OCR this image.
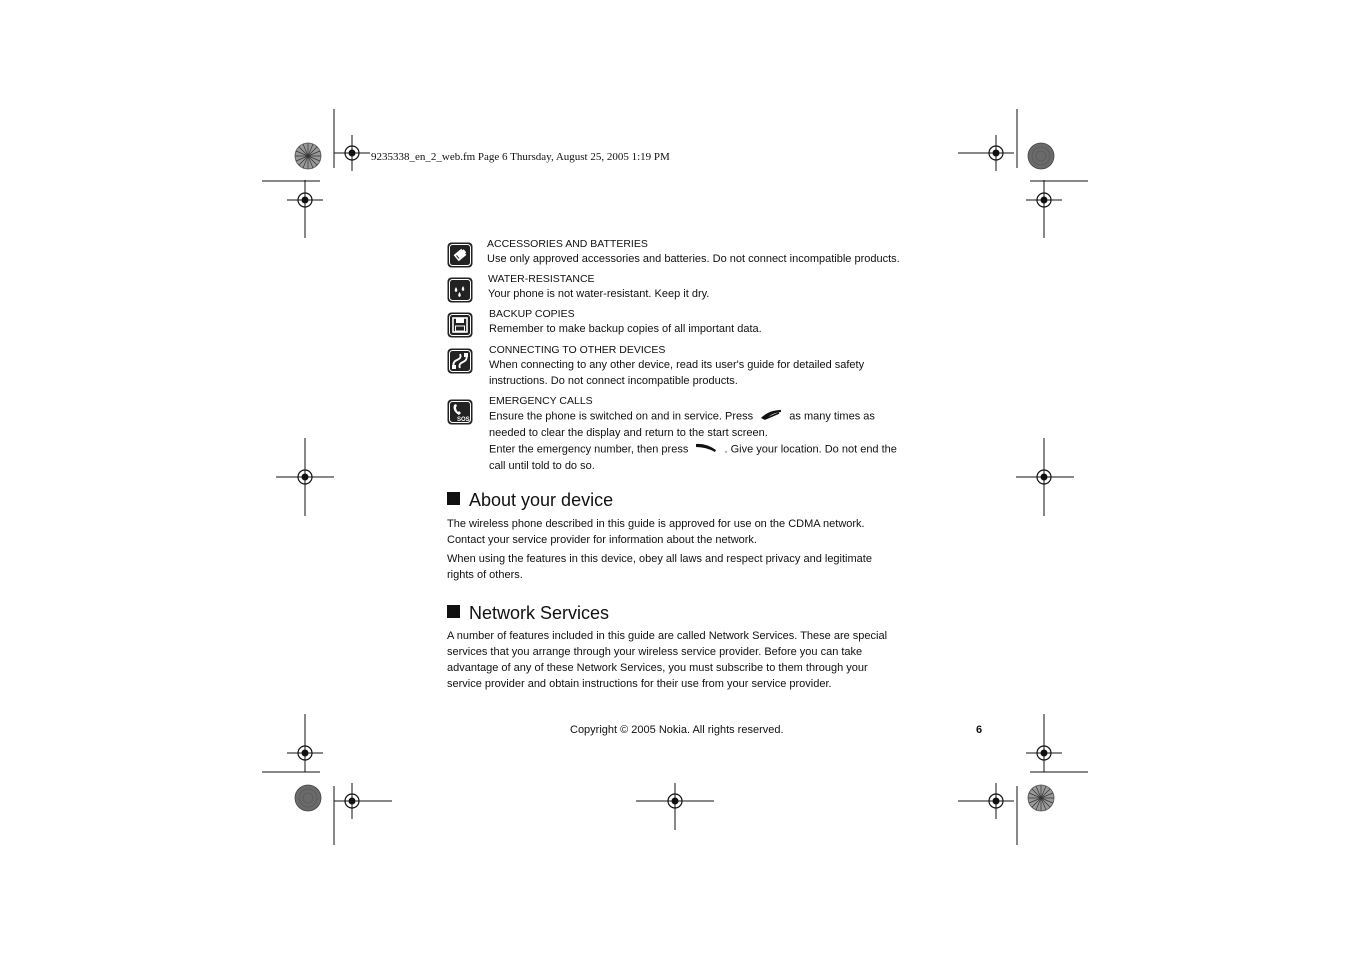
9235338_en_2_web.fm Page 6 Thursday, August 25, 2005 1:19 PM
ACCESSORIES AND BATTERIES
Use only approved accessories and batteries. Do not connect incompatible products.
WATER-RESISTANCE
Your phone is not water-resistant. Keep it dry.
BACKUP COPIES
Remember to make backup copies of all important data.
CONNECTING TO OTHER DEVICES
When connecting to any other device, read its user's guide for detailed safety
instructions. Do not connect incompatible products.
SOS
EMERGENCY CALLS
Ensure the phone is switched on and in service. Press	as many times as
needed to clear the display and return to the start screen.
Enter the emergency number, then press	. Give your location. Do not end the
call until told to do so.
About your device
The wireless phone described in this guide is approved for use on the CDMA network.
Contact your service provider for information about the network.
When using the features in this device, obey all laws and respect privacy and legitimate
rights of others.
Network Services
A number of features included in this guide are called Network Services. These are special
services that you arrange through your wireless service provider. Before you can take
advantage of any of these Network Services, you must subscribe to them through your
service provider and obtain instructions for their use from your service provider.
Copyright © 2005 Nokia. All rights reserved.	6
